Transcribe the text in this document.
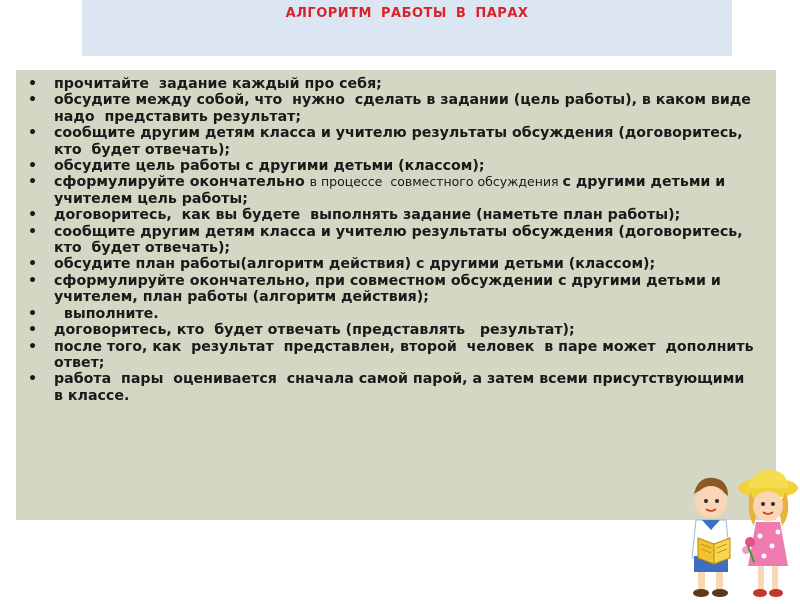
АЛГОРИТМ РАБОТЫ В ПАРАХ
• прочитайте  задание каждый про себя;
• обсудите между собой, что  нужно  сделать в задании (цель работы), в каком виде  надо  представить результат;
• сообщите другим детям класса и учителю результаты обсуждения (договоритесь, кто  будет отвечать);
• обсудите цель работы с другими детьми (классом);
• сформулируйте окончательно в процессе  совместного обсуждения с другими детьми и учителем цель работы;
• договоритесь,  как вы будете  выполнять задание (наметьте план работы);
• сообщите другим детям класса и учителю результаты обсуждения (договоритесь, кто  будет отвечать);
• обсудите план работы(алгоритм действия) с другими детьми (классом);
• сформулируйте окончательно, при совместном обсуждении с другими детьми и учителем, план работы (алгоритм действия);
• выполните.
• договоритесь, кто  будет отвечать (представлять   результат);
• после того, как  результат  представлен, второй  человек  в паре может  дополнить ответ;
• работа  пары  оценивается  сначала самой парой, а затем всеми присутствующими в классе.
